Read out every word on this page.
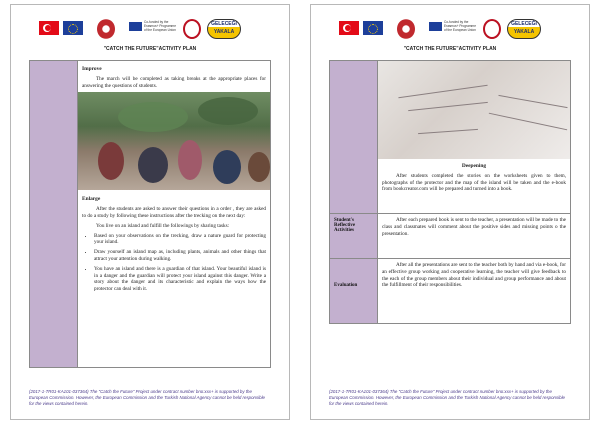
Co-funded by the Erasmus+ Programme of the European Union
GELECEĞİ
YAKALA
"CATCH THE FUTURE"ACTIVITY PLAN
Improve

The march will be completed as taking breaks at the appropriate places for answering the questions of students.

Enlarge

After the students are asked to answer their questions in a order , they are asked to do a study by following these instructions after the trecking on the next day:

You live on an island and fulfill the followings by sharing tasks:

• Based on your observations on the trecking, draw a nature guard for protecting your island.
• Draw yourself an island map as, including plants, animals and other things that attract your attention during walking.
• You have an island and there is a guardian of that island. Your beautiful island is in a danger and the guardian will protect your island against this danger. Write a story about the danger and its characteristic and explain the ways how the protector can deal with it.
(2017-1-TR01-KA101-037364) The "Catch the Future" Project under contract number bno:xxx+ is supported by the European Commission. However, the European Commission and the Turkish National Agency cannot be held responsible for the views contained herein.
Co-funded by the Erasmus+ Programme of the European Union
GELECEĞİ
YAKALA
"CATCH THE FUTURE"ACTIVITY PLAN
Deepening

After students completed the stories on the worksheets given to them, photographs of the protector and the map of the island will be taken and the e-book from bookcreator.com will be prepared and turned into a book.

Student's Reflective Activities

After each prepared book is sent to the teacher, a presentation will be made to the class and classmates will comment about the positive sides and missing points o the presentation.

Evaluation

After all the presentations are sent to the teacher both by hand and via e-book, for an effective group working and cooperative learning, the teacher will give feedback to the each of the group members about their individual and group performance and about the fulfillment of their responsibilities.

(2017-1-TR01-KA101-037364) The "Catch the Future" Project under contract number bno:xxx+ is supported by the European Commission. However, the European Commission and the Turkish National Agency cannot be held responsible for the views contained herein.
